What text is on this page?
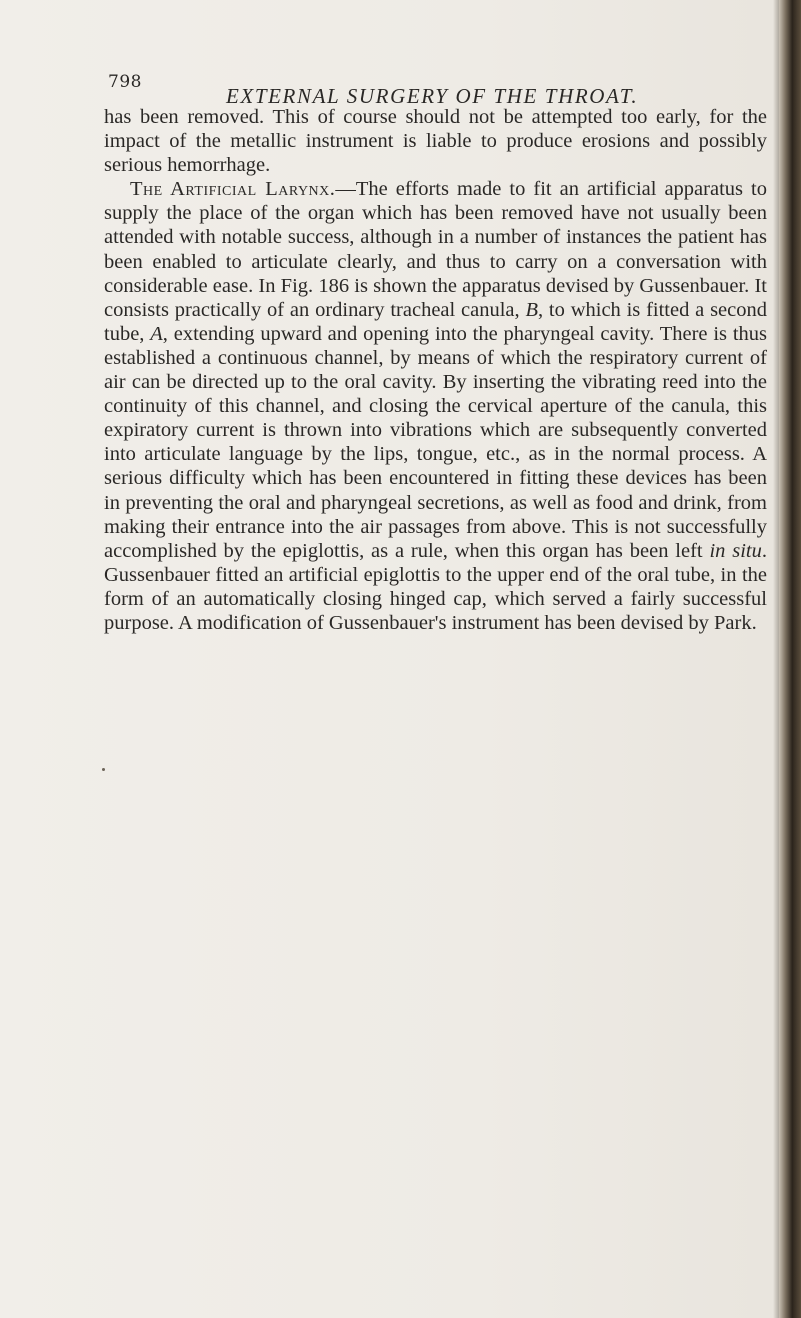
798
EXTERNAL SURGERY OF THE THROAT.

has been removed. This of course should not be attempted too early, for the impact of the metallic instrument is liable to produce erosions and possibly serious hemorrhage.

The Artificial Larynx.—The efforts made to fit an artificial apparatus to supply the place of the organ which has been removed have not usually been attended with notable success, although in a number of instances the patient has been enabled to articulate clearly, and thus to carry on a conversation with considerable ease. In Fig. 186 is shown the apparatus devised by Gussenbauer. It consists practically of an ordinary tracheal canula, B, to which is fitted a second tube, A, extending upward and opening into the pharyngeal cavity. There is thus established a continuous channel, by means of which the respiratory current of air can be directed up to the oral cavity. By inserting the vibrating reed into the continuity of this channel, and closing the cervical aperture of the canula, this expiratory current is thrown into vibrations which are subsequently converted into articulate language by the lips, tongue, etc., as in the normal process. A serious difficulty which has been encountered in fitting these devices has been in preventing the oral and pharyngeal secretions, as well as food and drink, from making their entrance into the air passages from above. This is not successfully accomplished by the epiglottis, as a rule, when this organ has been left in situ. Gussenbauer fitted an artificial epiglottis to the upper end of the oral tube, in the form of an automatically closing hinged cap, which served a fairly successful purpose. A modification of Gussenbauer's instrument has been devised by Park.
